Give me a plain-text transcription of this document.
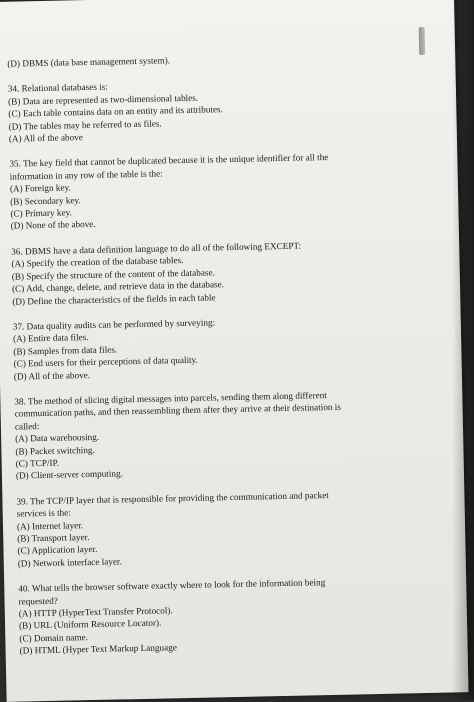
(D) DBMS (data base management system).
34. Relational databases is:
(B) Data are represented as two-dimensional tables.
(C) Each table contains data on an entity and its attributes.
(D) The tables may be referred to as files.
(A) All of the above
35. The key field that cannot be duplicated because it is the unique identifier for all the
information in any row of the table is the:
(A) Foreign key.
(B) Secondary key.
(C) Primary key.
(D) None of the above.
36. DBMS have a data definition language to do all of the following EXCEPT:
(A) Specify the creation of the database tables.
(B) Specify the structure of the content of the database.
(C) Add, change, delete, and retrieve data in the database.
(D) Define the characteristics of the fields in each table
37. Data quality audits can be performed by surveying:
(A) Entire data files.
(B) Samples from data files.
(C) End users for their perceptions of data quality.
(D) All of the above.
38. The method of slicing digital messages into parcels, sending them along different
communication paths, and then reassembling them after they arrive at their destination is
called:
(A) Data warehousing.
(B) Packet switching.
(C) TCP/IP.
(D) Client-server computing.
39. The TCP/IP layer that is responsible for providing the communication and packet
services is the:
(A) Internet layer.
(B) Transport layer.
(C) Application layer.
(D) Network interface layer.
40. What tells the browser software exactly where to look for the information being
requested?
(A) HTTP (HyperText Transfer Protocol).
(B) URL (Uniform Resource Locator).
(C) Domain name.
(D) HTML (Hyper Text Markup Language
